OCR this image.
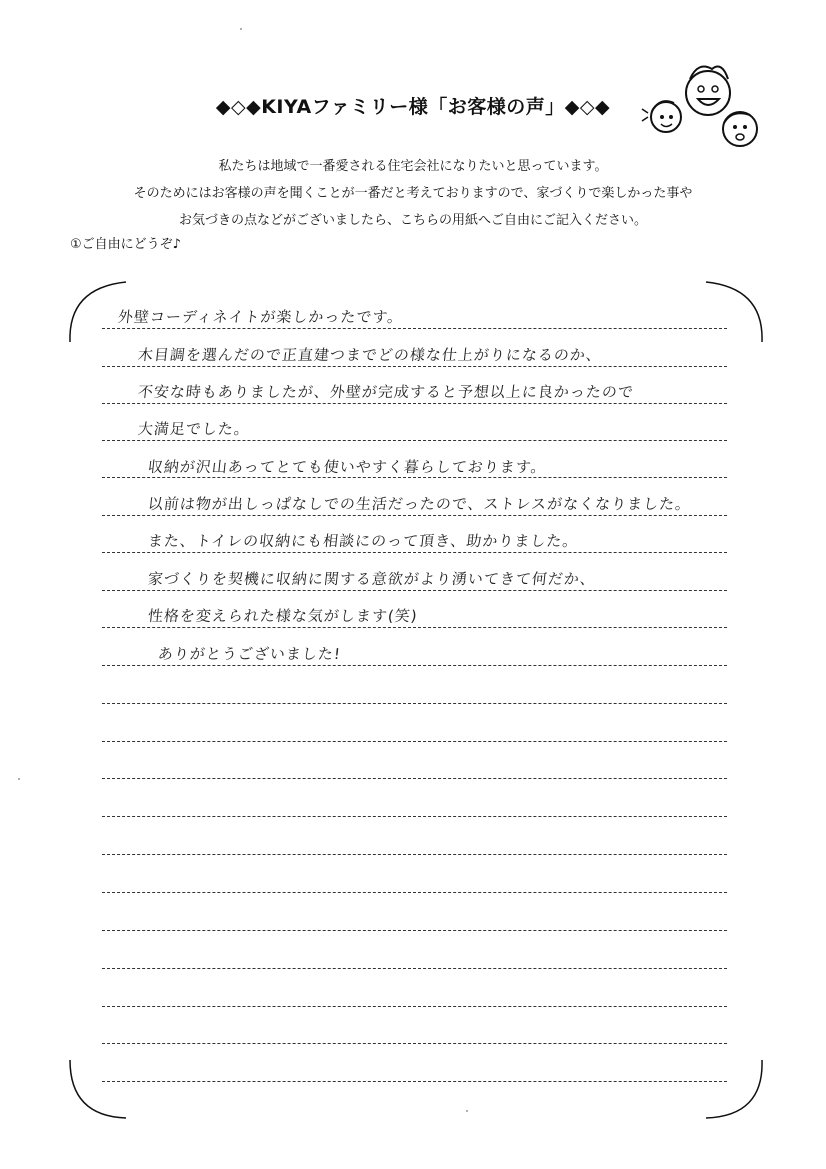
◆◇◆KIYAファミリー様「お客様の声」◆◇◆
私たちは地域で一番愛される住宅会社になりたいと思っています。
そのためにはお客様の声を聞くことが一番だと考えておりますので、家づくりで楽しかった事や
お気づきの点などがございましたら、こちらの用紙へご自由にご記入ください。
①ご自由にどうぞ♪
外壁コーディネイトが楽しかったです。
木目調を選んだので正直建つまでどの様な仕上がりになるのか、
不安な時もありましたが、外壁が完成すると予想以上に良かったので
大満足でした。
収納が沢山あってとても使いやすく暮らしております。
以前は物が出しっぱなしでの生活だったので、ストレスがなくなりました。
また、トイレの収納にも相談にのって頂き、助かりました。
家づくりを契機に収納に関する意欲がより湧いてきて何だか、
性格を変えられた様な気がします(笑)
ありがとうございました!
